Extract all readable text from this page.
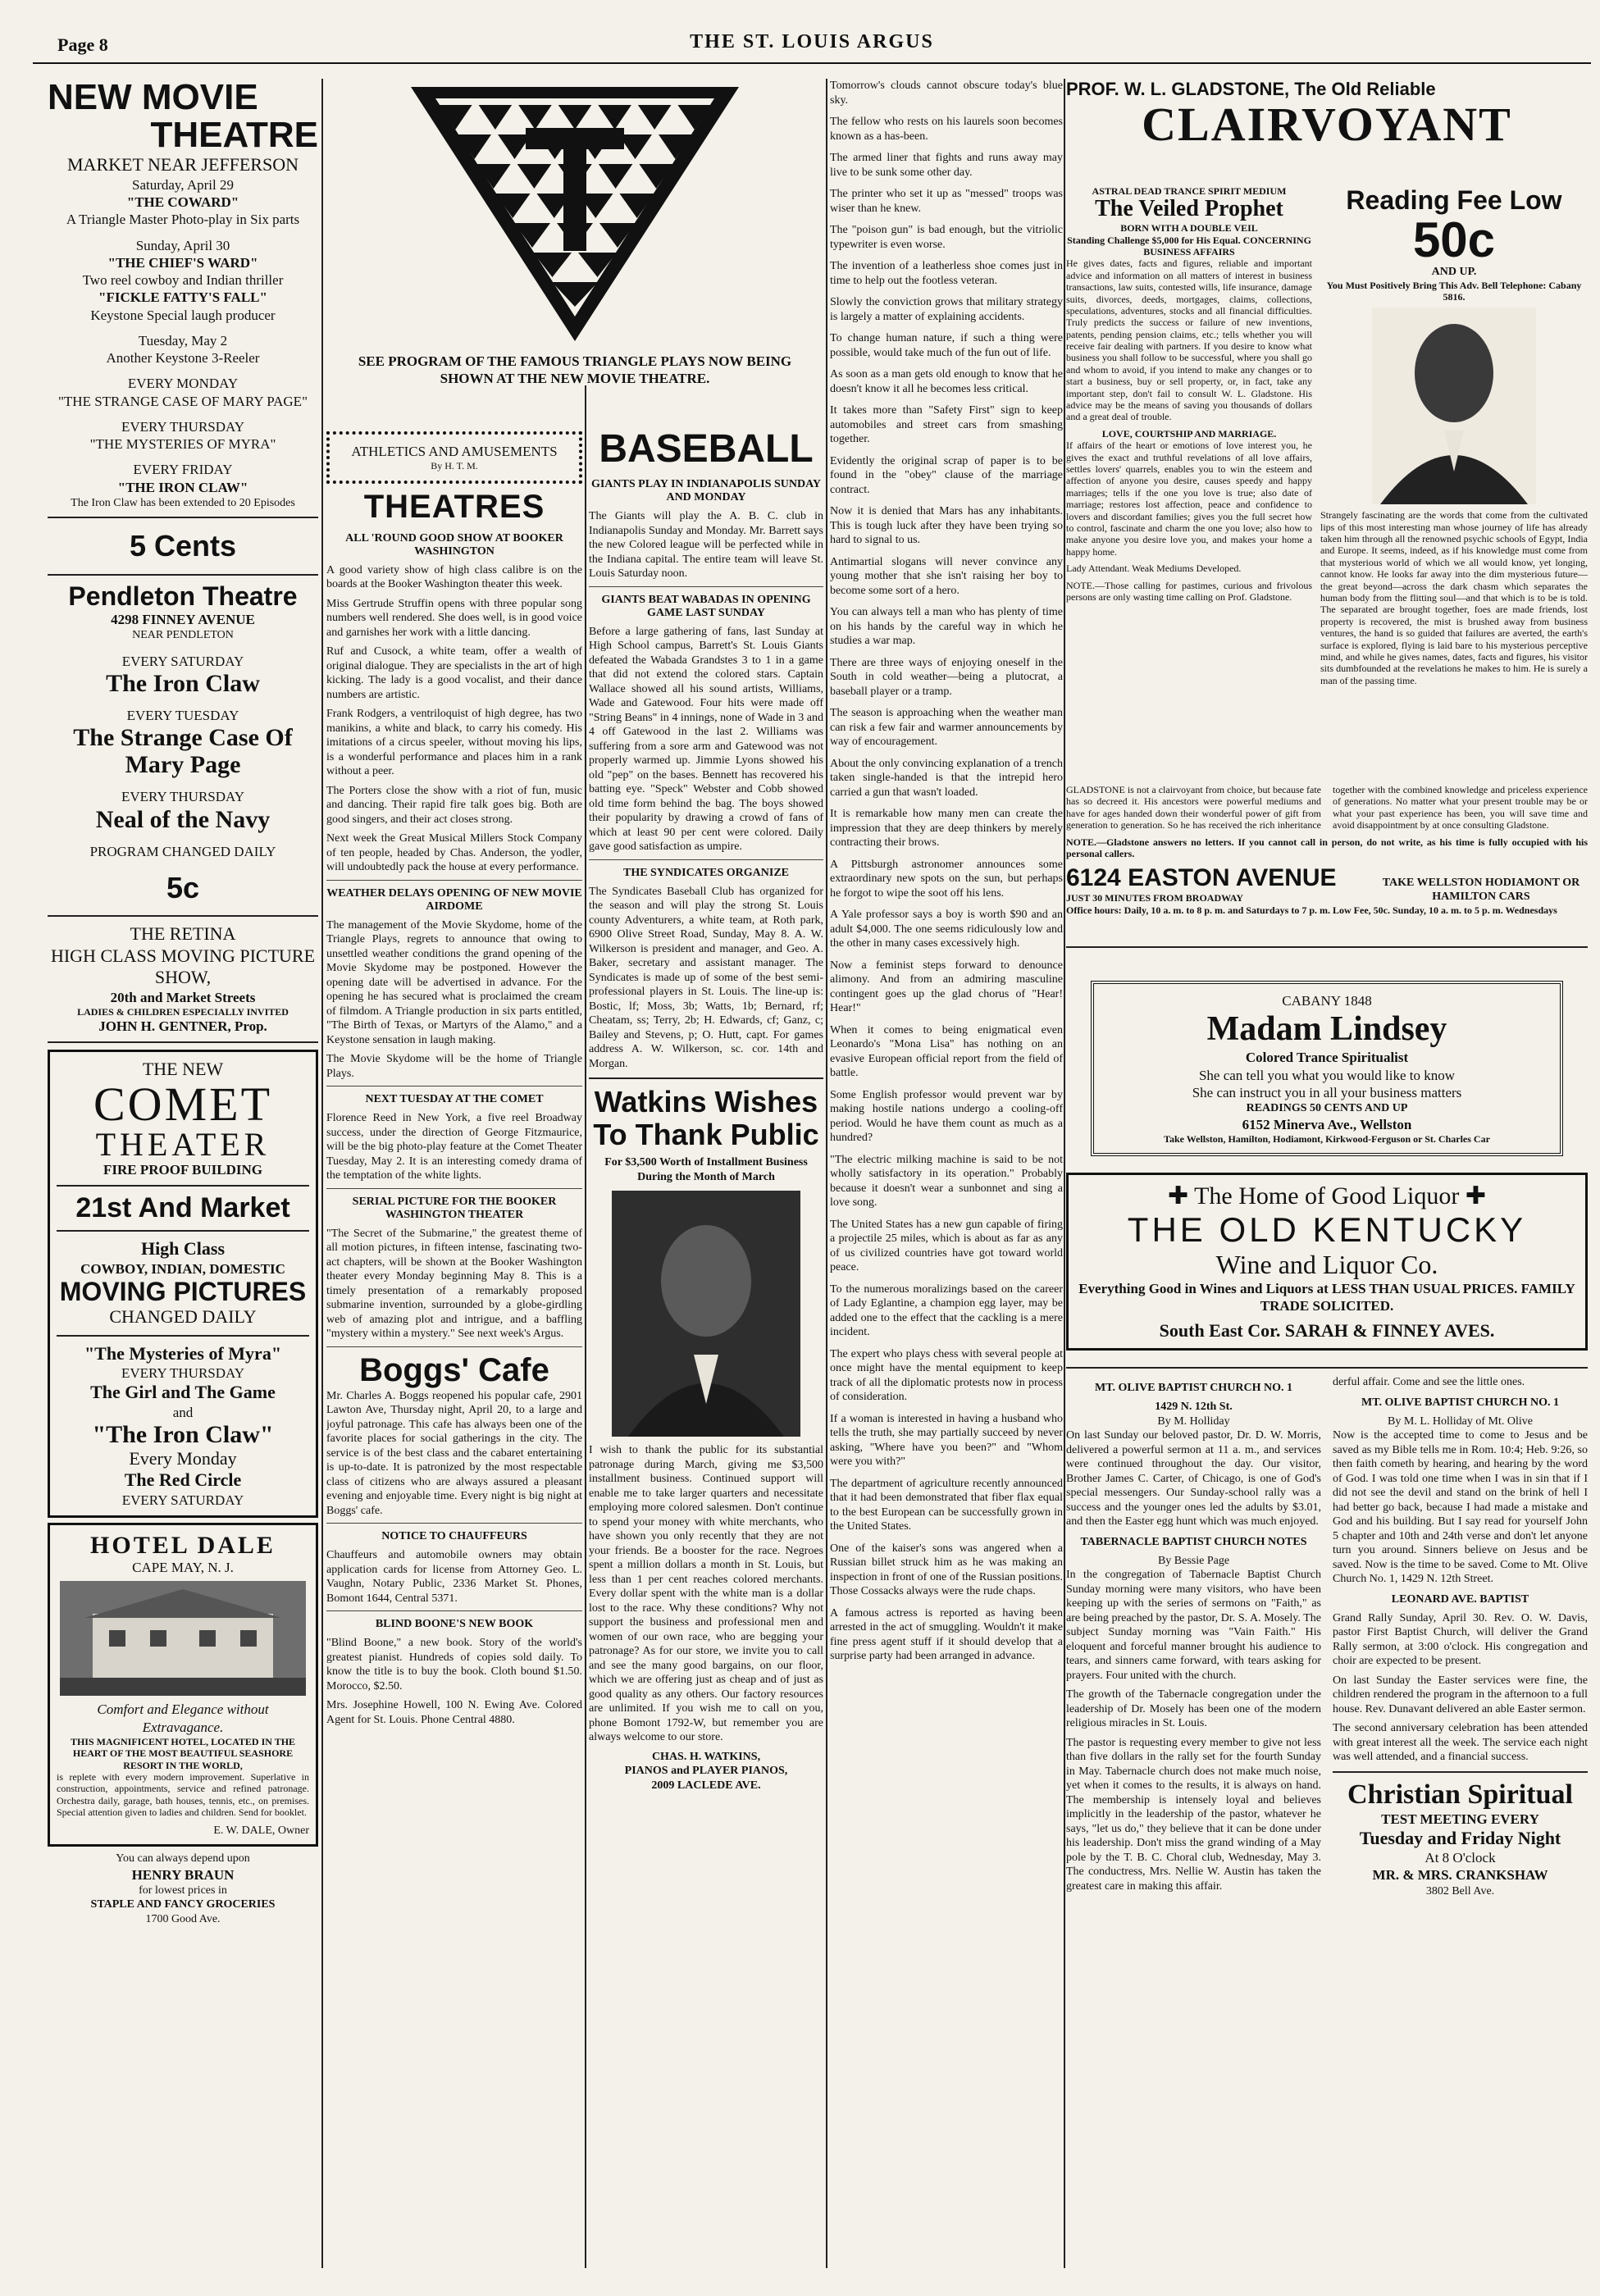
Page 8	THE ST. LOUIS ARGUS
NEW MOVIE
THEATRE
MARKET NEAR JEFFERSON
Saturday, April 29
"THE COWARD"
A Triangle Master Photo-play in Six parts
Sunday, April 30
"THE CHIEF'S WARD"
Two reel cowboy and Indian thriller
"FICKLE FATTY'S FALL"
Keystone Special laugh producer
Tuesday, May 2
Another Keystone 3-Reeler
EVERY MONDAY
"THE STRANGE CASE OF MARY PAGE"
EVERY THURSDAY
"THE MYSTERIES OF MYRA"
EVERY FRIDAY
"THE IRON CLAW"
The Iron Claw has been extended to 20 Episodes
5 Cents
Pendleton Theatre
4298 FINNEY AVENUE
NEAR PENDLETON
EVERY SATURDAY
The Iron Claw
EVERY TUESDAY
The Strange Case Of Mary Page
EVERY THURSDAY
Neal of the Navy
PROGRAM CHANGED DAILY
5c
THE RETINA
HIGH CLASS MOVING PICTURE SHOW,
20th and Market Streets
LADIES & CHILDREN ESPECIALLY INVITED
JOHN H. GENTNER, Prop.
THE NEW
COMET
THEATER
FIRE PROOF BUILDING
21st And Market
High Class
COWBOY, INDIAN, DOMESTIC
MOVING PICTURES
CHANGED DAILY
"The Mysteries of Myra"
EVERY THURSDAY
The Girl and The Game
and
"The Iron Claw"
Every Monday
The Red Circle
EVERY SATURDAY
HOTEL DALE
CAPE MAY, N. J.
Comfort and Elegance without Extravagance.
THIS MAGNIFICENT HOTEL, LOCATED IN THE HEART OF THE MOST BEAUTIFUL SEASHORE RESORT IN THE WORLD,

is replete with every modern improvement. Superlative in construction, appointments, service and refined patronage. Orchestra daily, garage, bath houses, tennis, etc., on premises. Special attention given to ladies and children. Send for booklet.

E. W. DALE, Owner
You can always depend upon
HENRY BRAUN
for lowest prices in
STAPLE AND FANCY GROCERIES
1700 Good Ave.
SEE PROGRAM OF THE FAMOUS TRIANGLE PLAYS NOW BEING SHOWN AT THE NEW MOVIE THEATRE.
ATHLETICS AND AMUSEMENTS
By H. T. M.
THEATRES
ALL 'ROUND GOOD SHOW AT BOOKER WASHINGTON

A good variety show of high class calibre is on the boards at the Booker Washington theater this week.

Miss Gertrude Struffin opens with three popular song numbers well rendered. She does well, is in good voice and garnishes her work with a little dancing.

Ruf and Cusock, a white team, offer a wealth of original dialogue. They are specialists in the art of high kicking. The lady is a good vocalist, and their dance numbers are artistic.

Frank Rodgers, a ventriloquist of high degree, has two manikins, a white and black, to carry his comedy. His imitations of a circus speeler, without moving his lips, is a wonderful performance and places him in a rank without a peer.

The Porters close the show with a riot of fun, music and dancing. Their rapid fire talk goes big. Both are good singers, and their act closes strong.

Next week the Great Musical Millers Stock Company of ten people, headed by Chas. Anderson, the yodler, will undoubtedly pack the house at every performance.

WEATHER DELAYS OPENING OF NEW MOVIE AIRDOME

The management of the Movie Skydome, home of the Triangle Plays, regrets to announce that owing to unsettled weather conditions the grand opening of the Movie Skydome may be postponed. However the opening date will be advertised in advance. For the opening he has secured what is proclaimed the cream of filmdom. A Triangle production in six parts entitled, "The Birth of Texas, or Martyrs of the Alamo," and a Keystone sensation in laugh making.

The Movie Skydome will be the home of Triangle Plays.

NEXT TUESDAY AT THE COMET

Florence Reed in New York, a five reel Broadway success, under the direction of George Fitzmaurice, will be the big photo-play feature at the Comet Theater Tuesday, May 2. It is an interesting comedy drama of the temptation of the white lights.

SERIAL PICTURE FOR THE BOOKER WASHINGTON THEATER

"The Secret of the Submarine," the greatest theme of all motion pictures, in fifteen intense, fascinating two-act chapters, will be shown at the Booker Washington theater every Monday beginning May 8. This is a timely presentation of a remarkably proposed submarine invention, surrounded by a globe-girdling web of amazing plot and intrigue, and a baffling "mystery within a mystery." See next week's Argus.

Boggs' Cafe

Mr. Charles A. Boggs reopened his popular cafe, 2901 Lawton Ave, Thursday night, April 20, to a large and joyful patronage. This cafe has always been one of the favorite places for social gatherings in the city. The service is of the best class and the cabaret entertaining is up-to-date. It is patronized by the most respectable class of citizens who are always assured a pleasant evening and enjoyable time. Every night is big night at Boggs' cafe.

NOTICE TO CHAUFFEURS

Chauffeurs and automobile owners may obtain application cards for license from Attorney Geo. L. Vaughn, Notary Public, 2336 Market St. Phones, Bomont 1644, Central 5371.

BLIND BOONE'S NEW BOOK

"Blind Boone," a new book. Story of the world's greatest pianist. Hundreds of copies sold daily. To know the title is to buy the book. Cloth bound $1.50. Morocco, $2.50.

Mrs. Josephine Howell, 100 N. Ewing Ave. Colored Agent for St. Louis. Phone Central 4880.

BASEBALL
GIANTS PLAY IN INDIANAPOLIS SUNDAY AND MONDAY

The Giants will play the A. B. C. club in Indianapolis Sunday and Monday. Mr. Barrett says the new Colored league will be perfected while in the Indiana capital. The entire team will leave St. Louis Saturday noon.

GIANTS BEAT WABADAS IN OPENING GAME LAST SUNDAY

Before a large gathering of fans, last Sunday at High School campus, Barrett's St. Louis Giants defeated the Wabada Grandstes 3 to 1 in a game that did not extend the colored stars. Captain Wallace showed all his sound artists, Williams, Wade and Gatewood. Four hits were made off "String Beans" in 4 innings, none of Wade in 3 and 4 off Gatewood in the last 2. Williams was suffering from a sore arm and Gatewood was not properly warmed up. Jimmie Lyons showed his old "pep" on the bases. Bennett has recovered his batting eye. "Speck" Webster and Cobb showed old time form behind the bag. The boys showed their popularity by drawing a crowd of fans of which at least 90 per cent were colored. Daily gave good satisfaction as umpire.

THE SYNDICATES ORGANIZE

The Syndicates Baseball Club has organized for the season and will play the strong St. Louis county Adventurers, a white team, at Roth park, 6900 Olive Street Road, Sunday, May 8. A. W. Wilkerson is president and manager, and Geo. A. Baker, secretary and assistant manager. The Syndicates is made up of some of the best semi-professional players in St. Louis. The line-up is: Bostic, lf; Moss, 3b; Watts, 1b; Bernard, rf; Cheatam, ss; Terry, 2b; H. Edwards, cf; Ganz, c; Bailey and Stevens, p; O. Hutt, capt. For games address A. W. Wilkerson, sc. cor. 14th and Morgan.

Watkins Wishes To Thank Public
For $3,500 Worth of Installment Business During the Month of March

I wish to thank the public for its substantial patronage during March, giving me $3,500 installment business. Continued support will enable me to take larger quarters and necessitate employing more colored salesmen. Don't continue to spend your money with white merchants, who have shown you only recently that they are not your friends. Be a booster for the race. Negroes spent a million dollars a month in St. Louis, but less than 1 per cent reaches colored merchants. Every dollar spent with the white man is a dollar lost to the race. Why these conditions? Why not support the business and professional men and women of our own race, who are begging your patronage? As for our store, we invite you to call and see the many good bargains, on our floor, which we are offering just as cheap and of just as good quality as any others. Our factory resources are unlimited. If you wish me to call on you, phone Bomont 1792-W, but remember you are always welcome to our store.

CHAS. H. WATKINS,
PIANOS and PLAYER PIANOS,
2009 LACLEDE AVE.

Tomorrow's clouds cannot obscure today's blue sky.

The fellow who rests on his laurels soon becomes known as a has-been.

The armed liner that fights and runs away may live to be sunk some other day.

The printer who set it up as "messed" troops was wiser than he knew.

The "poison gun" is bad enough, but the vitriolic typewriter is even worse.

The invention of a leatherless shoe comes just in time to help out the footless veteran.

Slowly the conviction grows that military strategy is largely a matter of explaining accidents.

To change human nature, if such a thing were possible, would take much of the fun out of life.

As soon as a man gets old enough to know that he doesn't know it all he becomes less critical.

It takes more than "Safety First" sign to keep automobiles and street cars from smashing together.

Evidently the original scrap of paper is to be found in the "obey" clause of the marriage contract.

Now it is denied that Mars has any inhabitants. This is tough luck after they have been trying so hard to signal to us.

Antimartial slogans will never convince any young mother that she isn't raising her boy to become some sort of a hero.

You can always tell a man who has plenty of time on his hands by the careful way in which he studies a war map.

There are three ways of enjoying oneself in the South in cold weather—being a plutocrat, a baseball player or a tramp.

The season is approaching when the weather man can risk a few fair and warmer announcements by way of encouragement.

About the only convincing explanation of a trench taken single-handed is that the intrepid hero carried a gun that wasn't loaded.

It is remarkable how many men can create the impression that they are deep thinkers by merely contracting their brows.

A Pittsburgh astronomer announces some extraordinary new spots on the sun, but perhaps he forgot to wipe the soot off his lens.

A Yale professor says a boy is worth $90 and an adult $4,000. The one seems ridiculously low and the other in many cases excessively high.

Now a feminist steps forward to denounce alimony. And from an admiring masculine contingent goes up the glad chorus of "Hear! Hear!"

When it comes to being enigmatical even Leonardo's "Mona Lisa" has nothing on an evasive European official report from the field of battle.

Some English professor would prevent war by making hostile nations undergo a cooling-off period. Would he have them count as much as a hundred?

"The electric milking machine is said to be not wholly satisfactory in its operation." Probably because it doesn't wear a sunbonnet and sing a love song.

The United States has a new gun capable of firing a projectile 25 miles, which is about as far as any of us civilized countries have got toward world peace.

To the numerous moralizings based on the career of Lady Eglantine, a champion egg layer, may be added one to the effect that the cackling is a mere incident.

The expert who plays chess with several people at once might have the mental equipment to keep track of all the diplomatic protests now in process of consideration.

If a woman is interested in having a husband who tells the truth, she may partially succeed by never asking, "Where have you been?" and "Whom were you with?"

The department of agriculture recently announced that it had been demonstrated that fiber flax equal to the best European can be successfully grown in the United States.

One of the kaiser's sons was angered when a Russian billet struck him as he was making an inspection in front of one of the Russian positions. Those Cossacks always were the rude chaps.

A famous actress is reported as having been arrested in the act of smuggling. Wouldn't it make fine press agent stuff if it should develop that a surprise party had been arranged in advance.

PROF. W. L. GLADSTONE, The Old Reliable
CLAIRVOYANT
ASTRAL DEAD TRANCE SPIRIT MEDIUM
The Veiled Prophet
BORN WITH A DOUBLE VEIL
Standing Challenge $5,000 for His Equal. CONCERNING BUSINESS AFFAIRS

He gives dates, facts and figures, reliable and important advice and information on all matters of interest in business transactions, law suits, contested wills, life insurance, damage suits, divorces, deeds, mortgages, claims, collections, speculations, adventures, stocks and all financial difficulties. Truly predicts the success or failure of new inventions, patents, pending pension claims, etc.; tells whether you will receive fair dealing with partners. If you desire to know what business you shall follow to be successful, where you shall go and whom to avoid, if you intend to make any changes or to start a business, buy or sell property, or, in fact, take any important step, don't fail to consult W. L. Gladstone. His advice may be the means of saving you thousands of dollars and a great deal of trouble.

LOVE, COURTSHIP AND MARRIAGE.

If affairs of the heart or emotions of love interest you, he gives the exact and truthful revelations of all love affairs, settles lovers' quarrels, enables you to win the esteem and affection of anyone you desire, causes speedy and happy marriages; tells if the one you love is true; also date of marriage; restores lost affection, peace and confidence to lovers and discordant families; gives you the full secret how to control, fascinate and charm the one you love; also how to make anyone you desire love you, and makes your home a happy home.

Lady Attendant. Weak Mediums Developed.

NOTE.—Those calling for pastimes, curious and frivolous persons are only wasting time calling on Prof. Gladstone.

Reading Fee Low
50c
AND UP.
You Must Positively Bring This Adv. Bell Telephone: Cabany 5816.

Strangely fascinating are the words that come from the cultivated lips of this most interesting man whose journey of life has already taken him through all the renowned psychic schools of Egypt, India and Europe. It seems, indeed, as if his knowledge must come from that mysterious world of which we all would know, yet longing, cannot know. He looks far away into the dim mysterious future—the great beyond—across the dark chasm which separates the human body from the flitting soul—and that which is to be is told. The separated are brought together, foes are made friends, lost property is recovered, the mist is brushed away from business ventures, the hand is so guided that failures are averted, the earth's surface is explored, flying is laid bare to his mysterious perceptive mind, and while he gives names, dates, facts and figures, his visitor sits dumbfounded at the revelations he makes to him. He is surely a man of the passing time.

GLADSTONE is not a clairvoyant from choice, but because fate has so decreed it. His ancestors were powerful mediums and have for ages handed down their wonderful power of gift from generation to generation. So he has received the rich inheritance together with the combined knowledge and priceless experience of generations. No matter what your present trouble may be or what your past experience has been, you will save time and avoid disappointment by at once consulting Gladstone.

NOTE.—Gladstone answers no letters. If you cannot call in person, do not write, as his time is fully occupied with his personal callers.

6124 EASTON AVENUE
JUST 30 MINUTES FROM BROADWAY
TAKE WELLSTON HODIAMONT OR HAMILTON CARS
Office hours: Daily, 10 a. m. to 8 p. m. and Saturdays to 7 p. m. Low Fee, 50c. Sunday, 10 a. m. to 5 p. m. Wednesdays
CABANY 1848
Madam Lindsey
Colored Trance Spiritualist
She can tell you what you would like to know
She can instruct you in all your business matters
READINGS 50 CENTS AND UP
6152 Minerva Ave., Wellston
Take Wellston, Hamilton, Hodiamont, Kirkwood-Ferguson or St. Charles Car
✚ The Home of Good Liquor ✚
THE OLD KENTUCKY
Wine and Liquor Co.
Everything Good in Wines and Liquors at LESS THAN USUAL PRICES. FAMILY TRADE SOLICITED.
South East Cor. SARAH & FINNEY AVES.
MT. OLIVE BAPTIST CHURCH NO. 1
1429 N. 12th St.
By M. Holliday

On last Sunday our beloved pastor, Dr. D. W. Morris, delivered a powerful sermon at 11 a. m., and services were continued throughout the day. Our visitor, Brother James C. Carter, of Chicago, is one of God's special messengers. Our Sunday-school rally was a success and the younger ones led the adults by $3.01, and then the Easter egg hunt which was much enjoyed.

TABERNACLE BAPTIST CHURCH NOTES
By Bessie Page

In the congregation of Tabernacle Baptist Church Sunday morning were many visitors, who have been keeping up with the series of sermons on "Faith," as are being preached by the pastor, Dr. S. A. Mosely. The subject Sunday morning was "Vain Faith." His eloquent and forceful manner brought his audience to tears, and sinners came forward, with tears asking for prayers. Four united with the church.

The growth of the Tabernacle congregation under the leadership of Dr. Mosely has been one of the modern religious miracles in St. Louis.

The pastor is requesting every member to give not less than five dollars in the rally set for the fourth Sunday in May. Tabernacle church does not make much noise, yet when it comes to the results, it is always on hand. The membership is intensely loyal and believes implicitly in the leadership of the pastor, whatever he says, "let us do," they believe that it can be done under his leadership. Don't miss the grand winding of a May pole by the T. B. C. Choral club, Wednesday, May 3. The conductress, Mrs. Nellie W. Austin has taken the greatest care in making this affair.

derful affair. Come and see the little ones.

MT. OLIVE BAPTIST CHURCH NO. 1
By M. L. Holliday of Mt. Olive

Now is the accepted time to come to Jesus and be saved as my Bible tells me in Rom. 10:4; Heb. 9:26, so then faith cometh by hearing, and hearing by the word of God. I was told one time when I was in sin that if I did not see the devil and stand on the brink of hell I had better go back, because I had made a mistake and God and his building. But I say read for yourself John 5 chapter and 10th and 24th verse and don't let anyone turn you around. Sinners believe on Jesus and be saved. Now is the time to be saved. Come to Mt. Olive Church No. 1, 1429 N. 12th Street.

LEONARD AVE. BAPTIST

Grand Rally Sunday, April 30. Rev. O. W. Davis, pastor First Baptist Church, will deliver the Grand Rally sermon, at 3:00 o'clock. His congregation and choir are expected to be present.

On last Sunday the Easter services were fine, the children rendered the program in the afternoon to a full house. Rev. Dunavant delivered an able Easter sermon.

The second anniversary celebration has been attended with great interest all the week. The service each night was well attended, and a financial success.

Christian Spiritual
TEST MEETING EVERY
Tuesday and Friday Night
At 8 O'clock
MR. & MRS. CRANKSHAW
3802 Bell Ave.
